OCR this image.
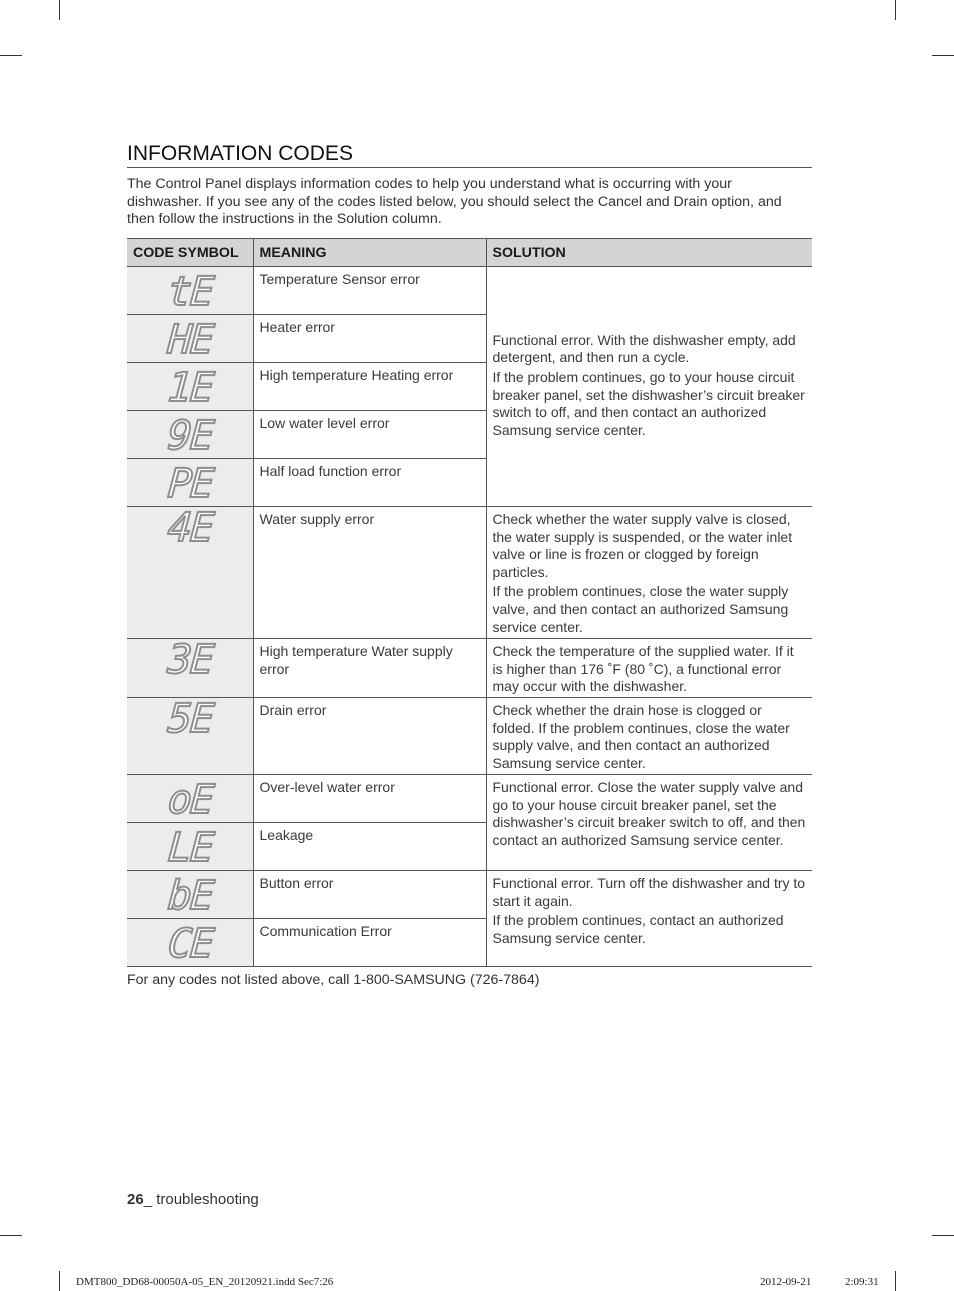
INFORMATION CODES
The Control Panel displays information codes to help you understand what is occurring with your dishwasher. If you see any of the codes listed below, you should select the Cancel and Drain option, and then follow the instructions in the Solution column.
CODE SYMBOL	MEANING	SOLUTION
tE	Temperature Sensor error	Functional error. With the dishwasher empty, add detergent, and then run a cycle.

If the problem continues, go to your house circuit breaker panel, set the dishwasher’s circuit breaker switch to off, and then contact an authorized Samsung service center.

HE	Heater error	
1E	High temperature Heating error	
9E	Low water level error	
PE	Half load function error	
4E	Water supply error	Check whether the water supply valve is closed, the water supply is suspended, or the water inlet valve or line is frozen or clogged by foreign particles.

If the problem continues, close the water supply valve, and then contact an authorized Samsung service center.

3E	High temperature Water supply error	Check the temperature of the supplied water. If it is higher than 176 ˚F (80 ˚C), a functional error may occur with the dishwasher.
5E	Drain error	Check whether the drain hose is clogged or folded. If the problem continues, close the water supply valve, and then contact an authorized Samsung service center.
oE	Over-level water error	Functional error. Close the water supply valve and go to your house circuit breaker panel, set the dishwasher’s circuit breaker switch to off, and then contact an authorized Samsung service center.
LE	Leakage	
bE	Button error	Functional error. Turn off the dishwasher and try to start it again.

If the problem continues, contact an authorized Samsung service center.

CE	Communication Error	
For any codes not listed above, call 1-800-SAMSUNG (726-7864)
26_ troubleshooting
DMT800_DD68-00050A-05_EN_20120921.indd Sec7:26	2012-09-21	2:09:31
